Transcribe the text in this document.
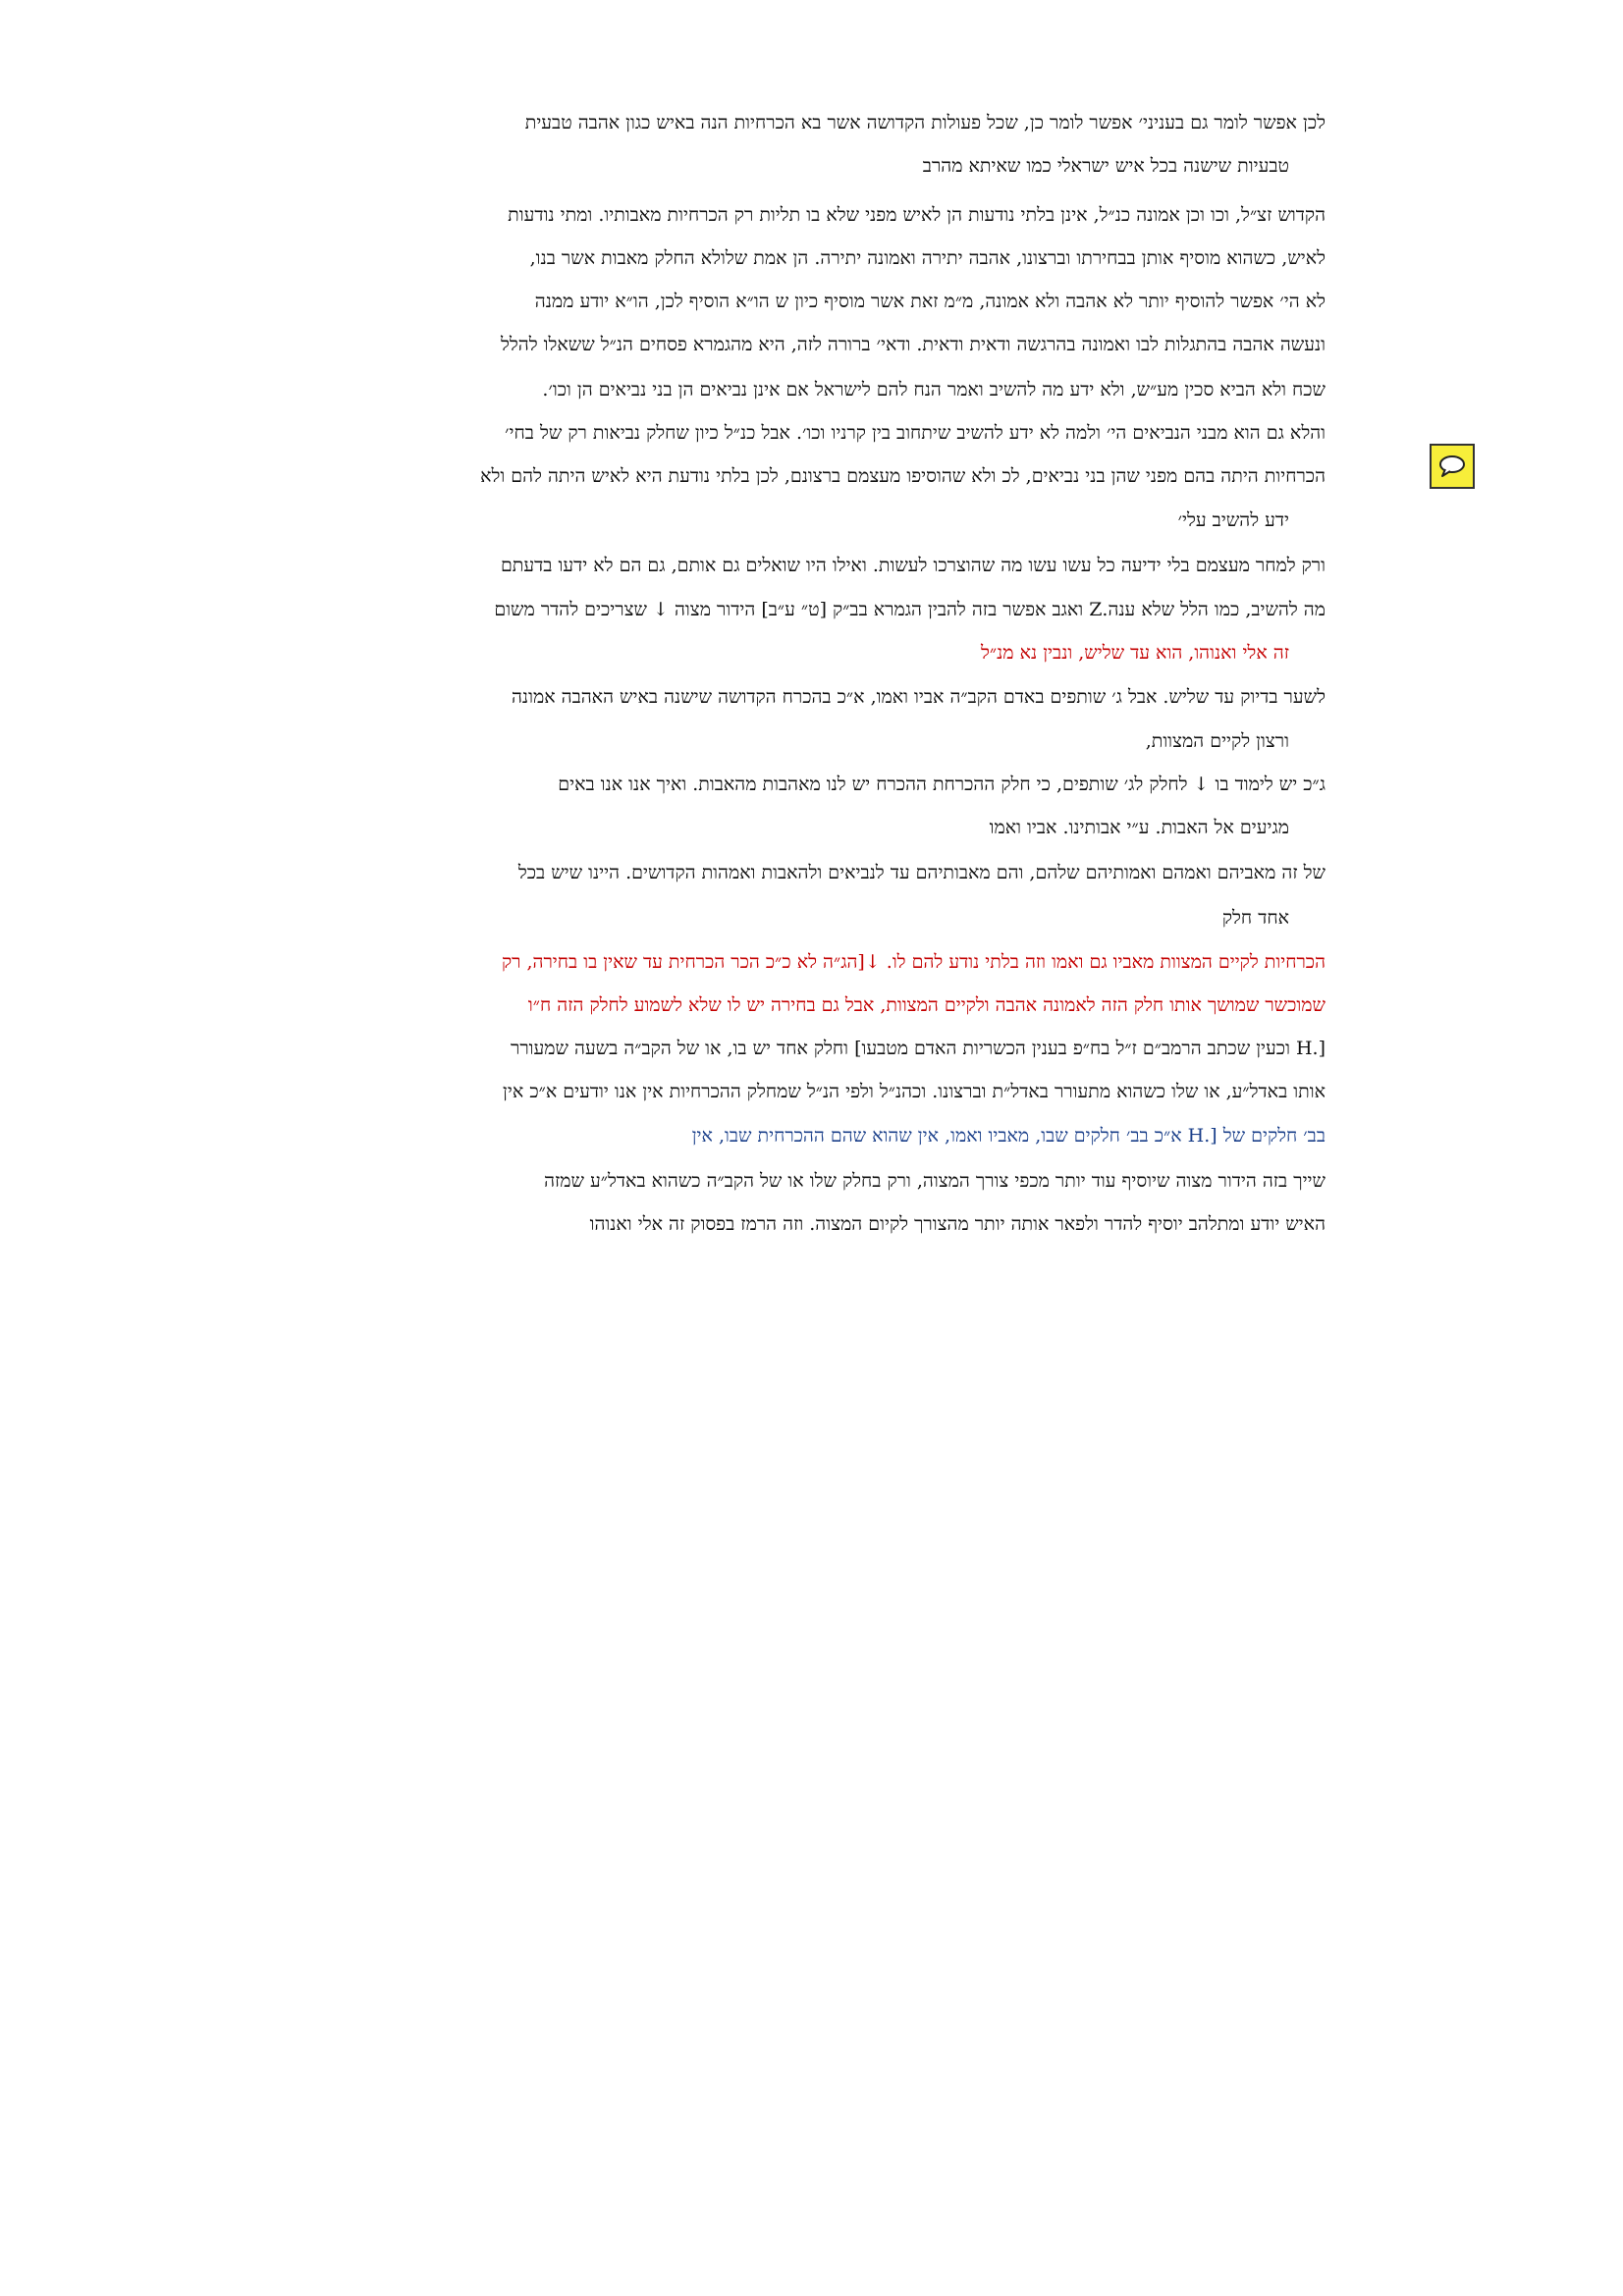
לכן אפשר לומר גם בעניני׳ אפשר לומר כן, שכל פעולות הקדושה אשר בא הכרחיות הנה באיש כגון אהבה טבעית
טבעיות שישנה בכל איש ישראלי כמו שאיתא מהרב
הקדוש זצ״ל, וכו וכן אמונה כנ״ל, אינן בלתי נודעות הן לאיש מפני שלא בו תליות רק הכרחיות מאבותיו. ומתי נודעות
לאיש, כשהוא מוסיף אותן בבחירתו וברצונו, אהבה יתירה ואמונה יתירה. הן אמת שלולא החלק מאבות אשר בנו,
לא הי׳ אפשר להוסיף יותר לא אהבה ולא אמונה, מ״מ זאת אשר מוסיף כיון ש הו״א הוסיף לכן, הו״א יודע ממנה
ונעשה אהבה בהתגלות לבו ואמונה בהרגשה ודאית ודאית. ודאי׳ ברורה לזה, היא מהגמרא פסחים הנ״ל ששאלו להלל
שכח ולא הביא סכין מע״ש, ולא ידע מה להשיב ואמר הנח להם לישראל אם אינן נביאים הן בני נביאים הן וכו׳.
והלא גם הוא מבני הנביאים הי׳ ולמה לא ידע להשיב שיתחוב בין קרניו וכו׳. אבל כנ״ל כיון שחלק נביאות רק של בחי׳
הכרחיות היתה בהם מפני שהן בני נביאים, לכ ולא שהוסיפו מעצמם ברצונם, לכן בלתי נודעת היא לאיש היתה להם ולא
ידע להשיב עלי׳
ורק למחר מעצמם בלי ידיעה כל עשו עשו מה שהוצרכו לעשות. ואילו היו שואלים גם אותם, גם הם לא ידעו בדעתם
מה להשיב, כמו הלל שלא ענה.Z ואגב אפשר בזה להבין הגמרא בב״ק [ט״ ע״ב] הידור מצוה ↓ שצריכים להדר משום
זה אלי ואנוהו, הוא עד שליש, ונבין נא מנ״ל
לשער בדיוק עד שליש. אבל ג׳ שותפים באדם הקב״ה אביו ואמו, א״כ בהכרח הקדושה שישנה באיש האהבה אמונה
ורצון לקיים המצוות,
ג״כ יש לימוד בו ↓ לחלק לג׳ שותפים, כי חלק ההכרחת ההכרח יש לנו מאהבות מהאבות. ואיך אנו אנו באים
מגיעים אל האבות. ע״י אבותינו. אביו ואמו
של זה מאביהם ואמהם ואמותיהם שלהם, והם מאבותיהם עד לנביאים ולהאבות ואמהות הקדושים. היינו שיש בכל
אחד חלק
הכרחיות לקיים המצוות מאביו גם ואמו וזה בלתי נודע להם לו. ↓[הג״ה לא כ״כ הכר הכרחית עד שאין בו בחירה, רק
שמוכשר שמושך אותו חלק הזה לאמונה אהבה ולקיים המצוות, אבל גם בחירה יש לו שלא לשמוע לחלק הזה ח״ו
[.H וכעין שכתב הרמב״ם ז״ל בח״פ בענין הכשריות האדם מטבעו] וחלק אחד יש בו, או של הקב״ה בשעה שמעורר
אותו באדל״ע, או שלו כשהוא מתעורר באדל״ת וברצונו. וכהנ״ל ולפי הנ״ל שמחלק ההכרחיות אין אנו יודעים א״כ אין
בב׳ חלקים של [.H א״כ בב׳ חלקים שבו, מאביו ואמו, אין שהוא שהם ההכרחית שבו, אין
שייך בזה הידור מצוה שיוסיף עוד יותר מכפי צורך המצוה, ורק בחלק שלו או של הקב״ה כשהוא באדל״ע שמזה
האיש יודע ומתלהב יוסיף להדר ולפאר אותה יותר מהצורך לקיום המצוה. וזה הרמז בפסוק זה אלי ואנוהו
